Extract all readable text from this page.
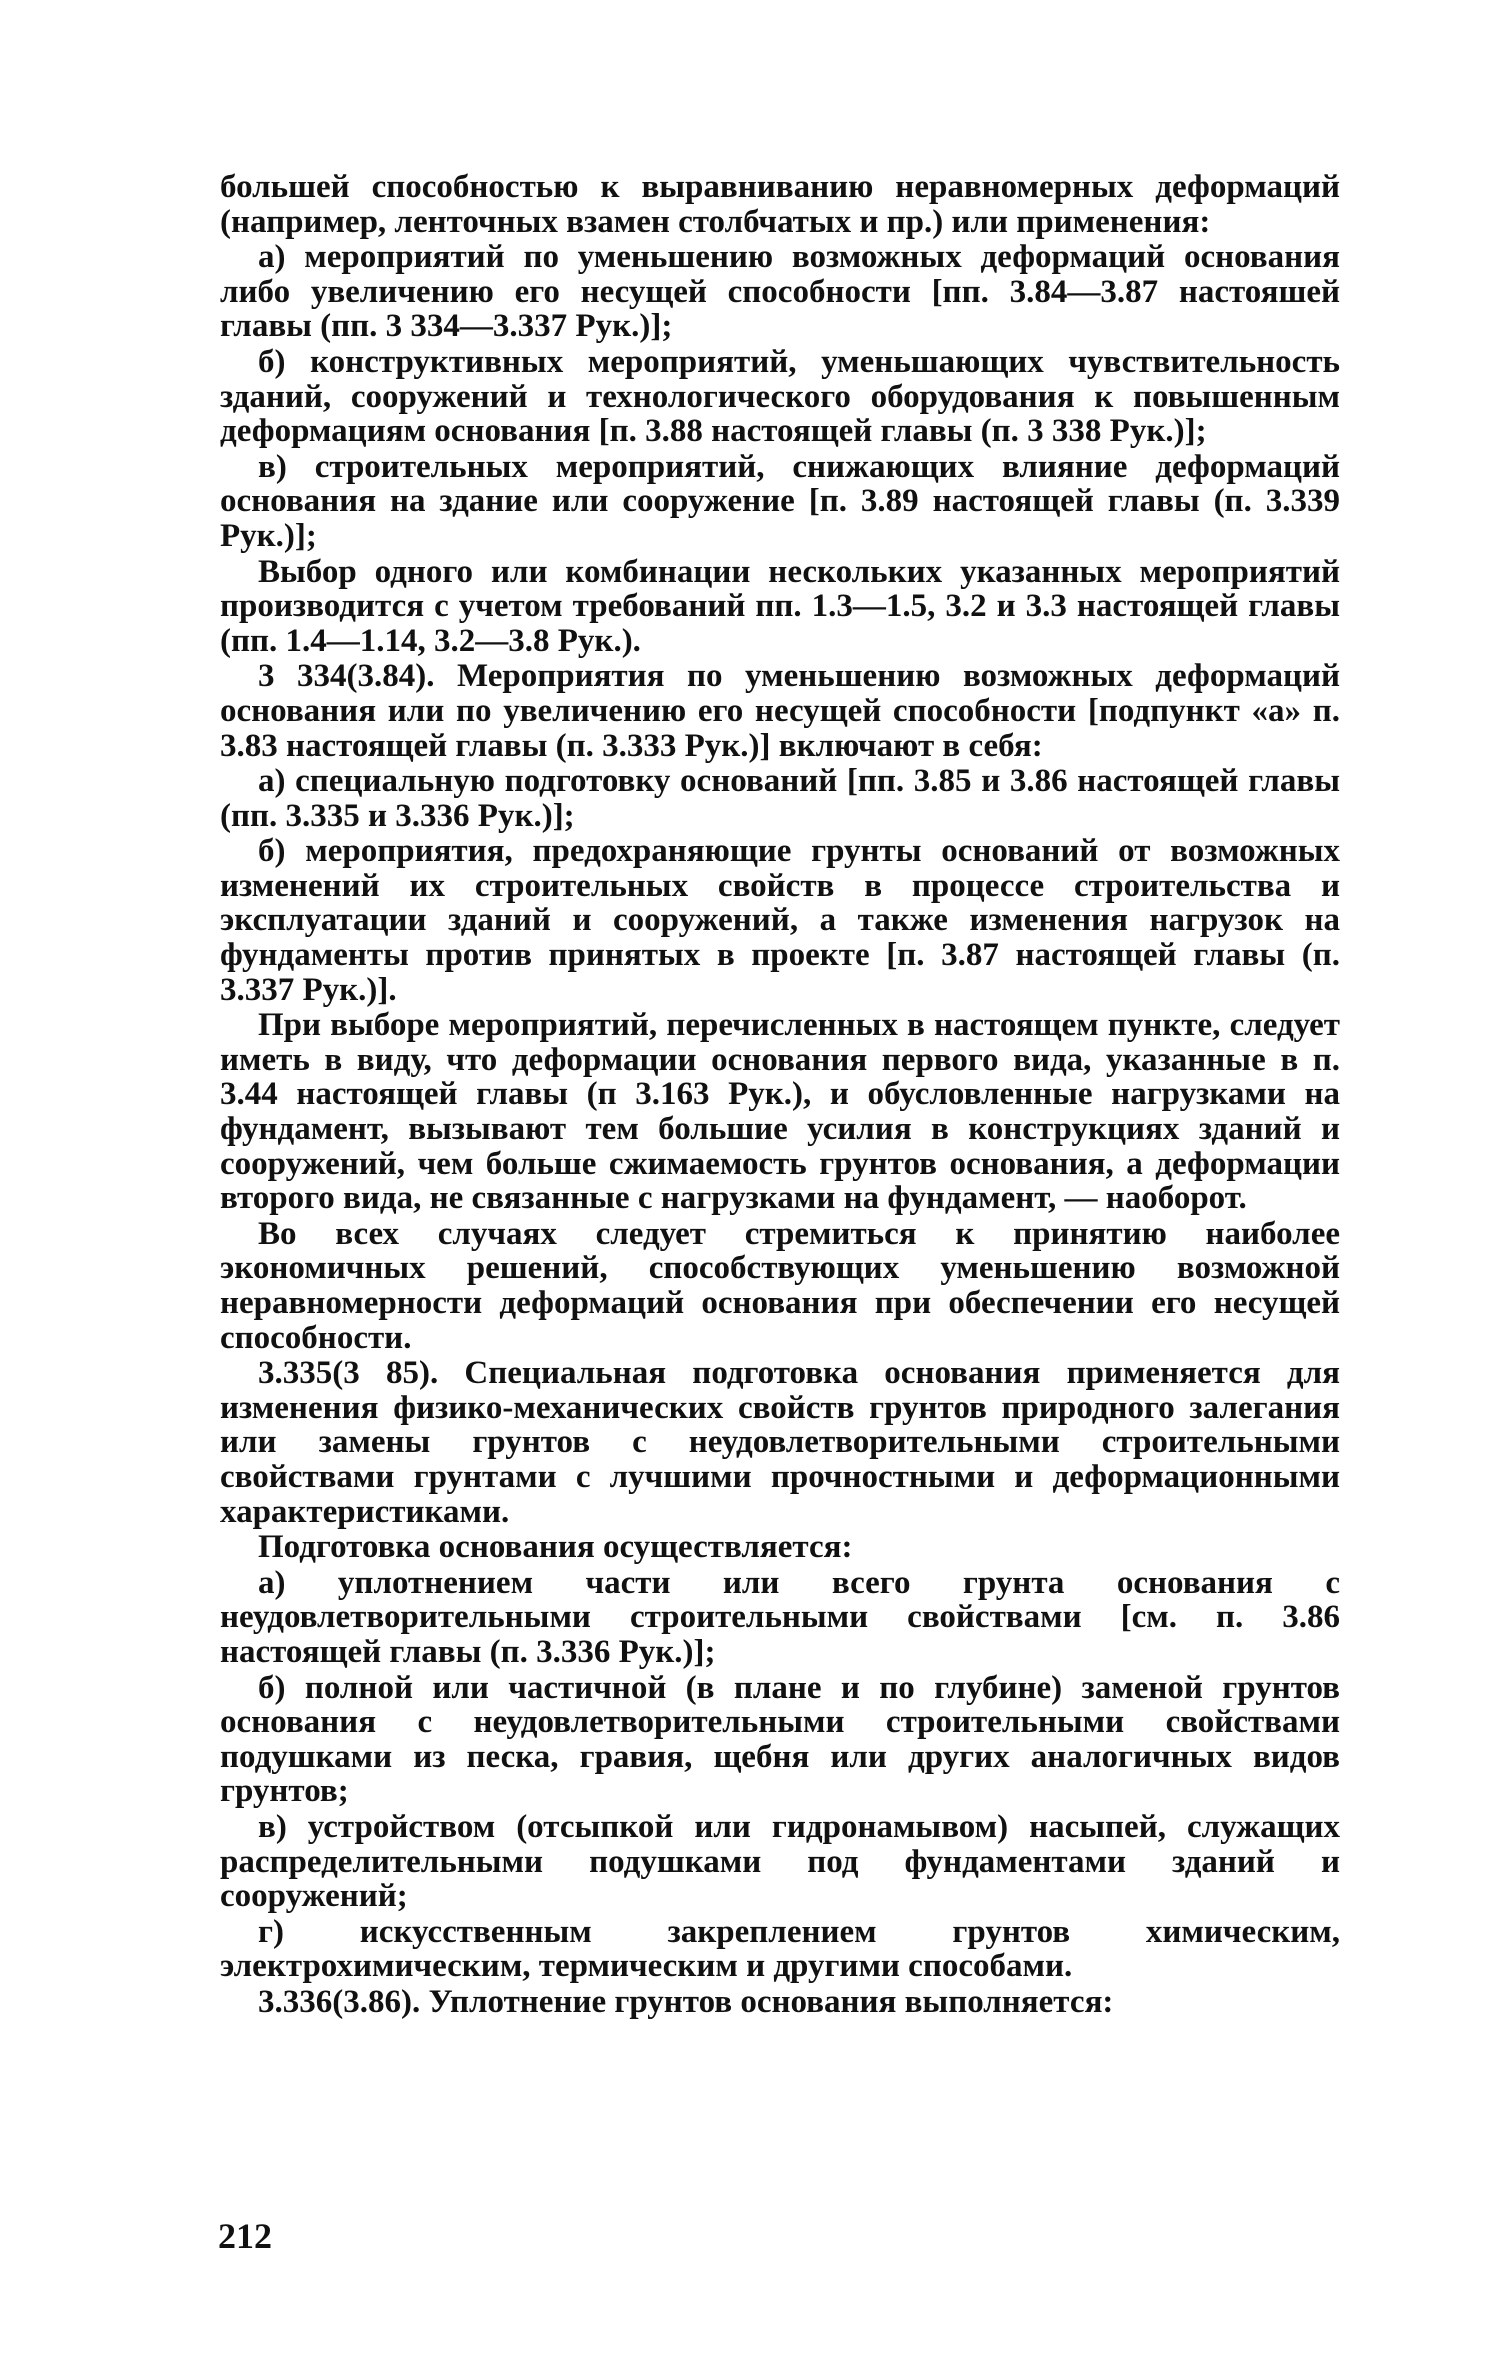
большей способностью к выравниванию неравномерных деформаций (например, ленточных взамен столбчатых и пр.) или применения:

а) мероприятий по уменьшению возможных деформаций основания либо увеличению его несущей способности [пп. 3.84—3.87 настояшей главы (пп. 3 334—3.337 Рук.)];

б) конструктивных мероприятий, уменьшающих чувствительность зданий, сооружений и технологического оборудования к повышенным деформациям основания [п. 3.88 настоящей главы (п. 3 338 Рук.)];

в) строительных мероприятий, снижающих влияние деформаций основания на здание или сооружение [п. 3.89 настоящей главы (п. 3.339 Рук.)];

Выбор одного или комбинации нескольких указанных мероприятий производится с учетом требований пп. 1.3—1.5, 3.2 и 3.3 настоящей главы (пп. 1.4—1.14, 3.2—3.8 Рук.).

3 334(3.84). Мероприятия по уменьшению возможных деформаций основания или по увеличению его несущей способности [подпункт «а» п. 3.83 настоящей главы (п. 3.333 Рук.)] включают в себя:

а) специальную подготовку оснований [пп. 3.85 и 3.86 настоящей главы (пп. 3.335 и 3.336 Рук.)];

б) мероприятия, предохраняющие грунты оснований от возможных изменений их строительных свойств в процессе строительства и эксплуатации зданий и сооружений, а также изменения нагрузок на фундаменты против принятых в проекте [п. 3.87 настоящей главы (п. 3.337 Рук.)].

При выборе мероприятий, перечисленных в настоящем пункте, следует иметь в виду, что деформации основания первого вида, указанные в п. 3.44 настоящей главы (п 3.163 Рук.), и обусловленные нагрузками на фундамент, вызывают тем большие усилия в конструкциях зданий и сооружений, чем больше сжимаемость грунтов основания, а деформации второго вида, не связанные с нагрузками на фундамент, — наоборот.

Во всех случаях следует стремиться к принятию наиболее экономичных решений, способствующих уменьшению возможной неравномерности деформаций основания при обеспечении его несущей способности.

3.335(3 85). Специальная подготовка основания применяется для изменения физико-механических свойств грунтов природного залегания или замены грунтов с неудовлетворительными строительными свойствами грунтами с лучшими прочностными и деформационными характеристиками.

Подготовка основания осуществляется:

а) уплотнением части или всего грунта основания с неудовлетворительными строительными свойствами [см. п. 3.86 настоящей главы (п. 3.336 Рук.)];

б) полной или частичной (в плане и по глубине) заменой грунтов основания с неудовлетворительными строительными свойствами подушками из песка, гравия, щебня или других аналогичных видов грунтов;

в) устройством (отсыпкой или гидронамывом) насыпей, служащих распределительными подушками под фундаментами зданий и сооружений;

г) искусственным закреплением грунтов химическим, электрохимическим, термическим и другими способами.

3.336(3.86). Уплотнение грунтов основания выполняется:

212
